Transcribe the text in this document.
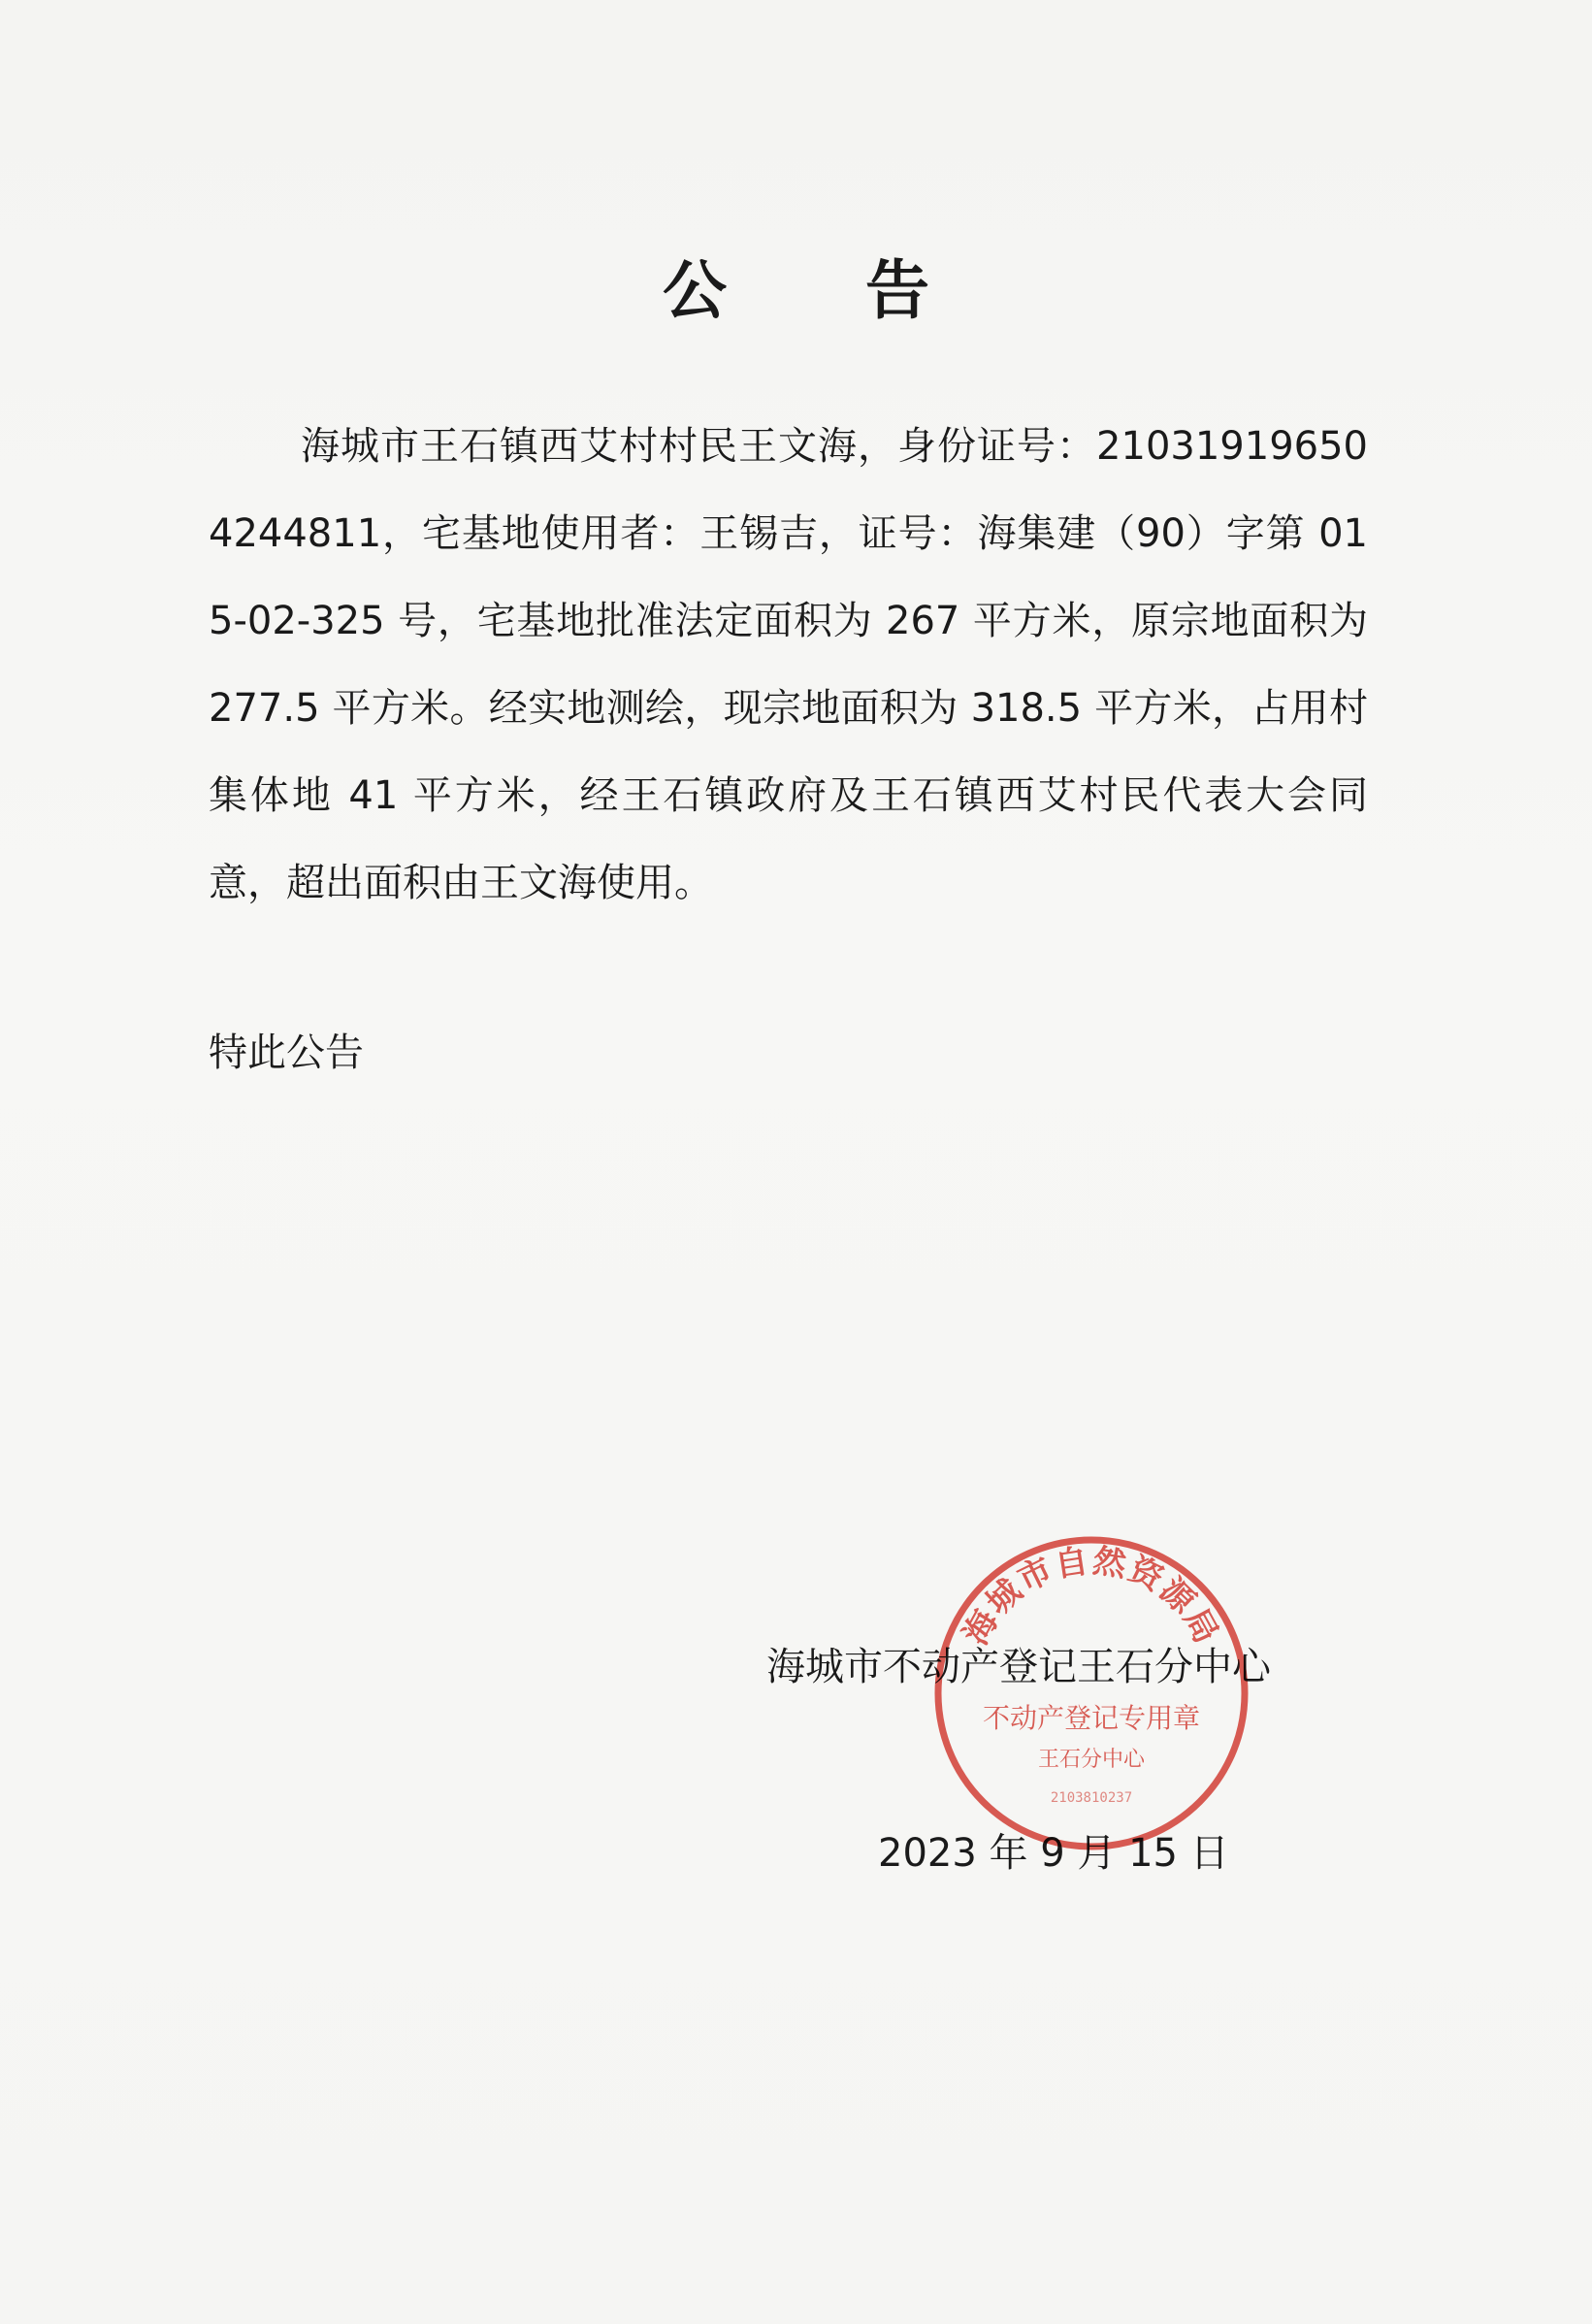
公 告
海城市王石镇西艾村村民王文海，身份证号：210319196504244811，宅基地使用者：王锡吉，证号：海集建（90）字第 015-02-325 号，宅基地批准法定面积为 267 平方米，原宗地面积为 277.5 平方米。经实地测绘，现宗地面积为 318.5 平方米，占用村集体地 41 平方米，经王石镇政府及王石镇西艾村民代表大会同意，超出面积由王文海使用。
特此公告
海城市不动产登记王石分中心
2023 年 9 月 15 日
海城市自然资源局
不动产登记专用章
王石分中心
2103810237
